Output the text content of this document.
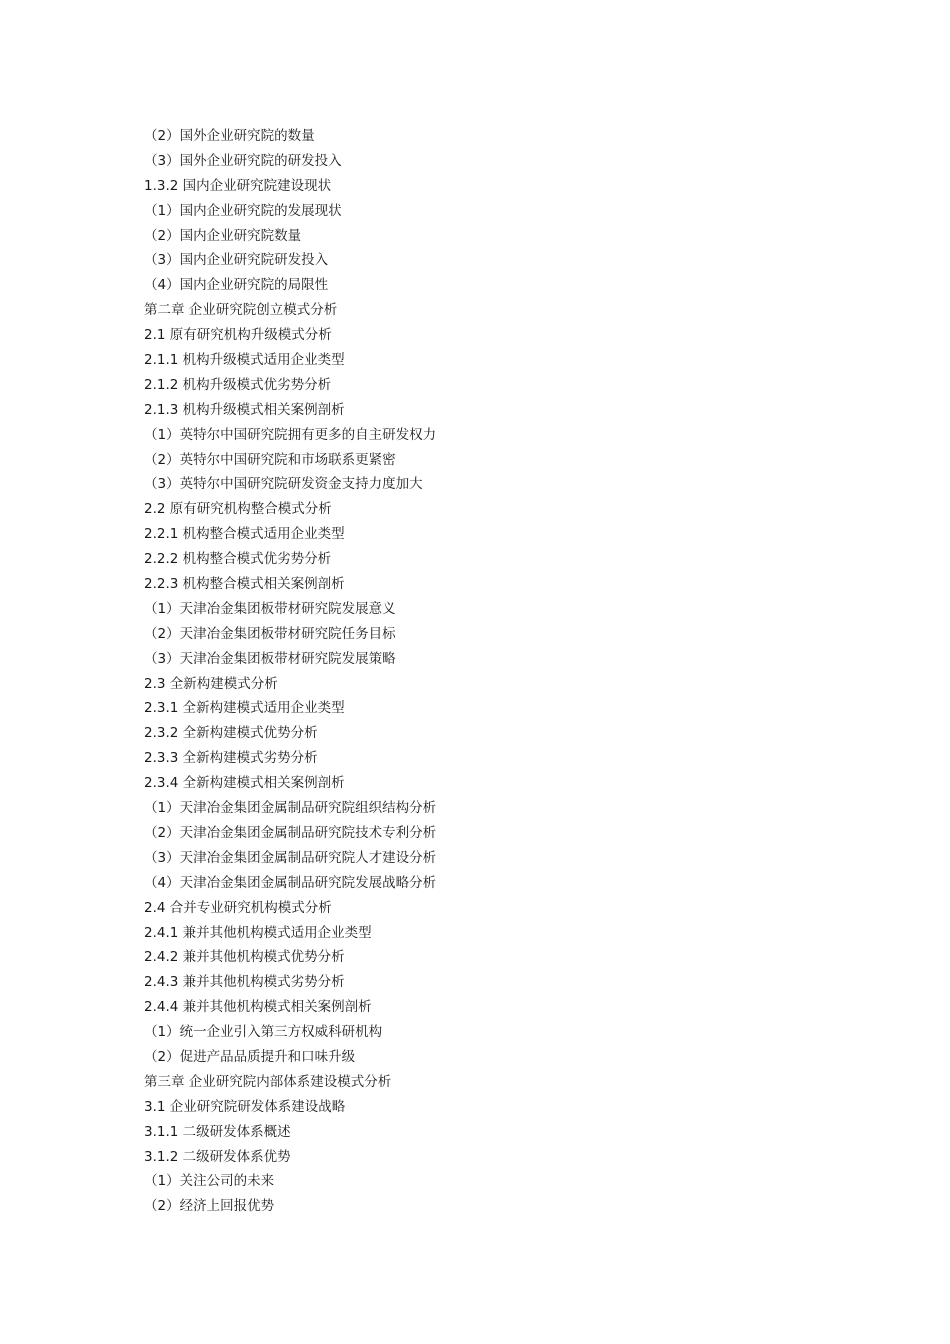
（2）国外企业研究院的数量
（3）国外企业研究院的研发投入
1.3.2 国内企业研究院建设现状
（1）国内企业研究院的发展现状
（2）国内企业研究院数量
（3）国内企业研究院研发投入
（4）国内企业研究院的局限性
第二章 企业研究院创立模式分析
2.1 原有研究机构升级模式分析
2.1.1 机构升级模式适用企业类型
2.1.2 机构升级模式优劣势分析
2.1.3 机构升级模式相关案例剖析
（1）英特尔中国研究院拥有更多的自主研发权力
（2）英特尔中国研究院和市场联系更紧密
（3）英特尔中国研究院研发资金支持力度加大
2.2 原有研究机构整合模式分析
2.2.1 机构整合模式适用企业类型
2.2.2 机构整合模式优劣势分析
2.2.3 机构整合模式相关案例剖析
（1）天津冶金集团板带材研究院发展意义
（2）天津冶金集团板带材研究院任务目标
（3）天津冶金集团板带材研究院发展策略
2.3 全新构建模式分析
2.3.1 全新构建模式适用企业类型
2.3.2 全新构建模式优势分析
2.3.3 全新构建模式劣势分析
2.3.4 全新构建模式相关案例剖析
（1）天津冶金集团金属制品研究院组织结构分析
（2）天津冶金集团金属制品研究院技术专利分析
（3）天津冶金集团金属制品研究院人才建设分析
（4）天津冶金集团金属制品研究院发展战略分析
2.4 合并专业研究机构模式分析
2.4.1 兼并其他机构模式适用企业类型
2.4.2 兼并其他机构模式优势分析
2.4.3 兼并其他机构模式劣势分析
2.4.4 兼并其他机构模式相关案例剖析
（1）统一企业引入第三方权威科研机构
（2）促进产品品质提升和口味升级
第三章 企业研究院内部体系建设模式分析
3.1 企业研究院研发体系建设战略
3.1.1 二级研发体系概述
3.1.2 二级研发体系优势
（1）关注公司的未来
（2）经济上回报优势
